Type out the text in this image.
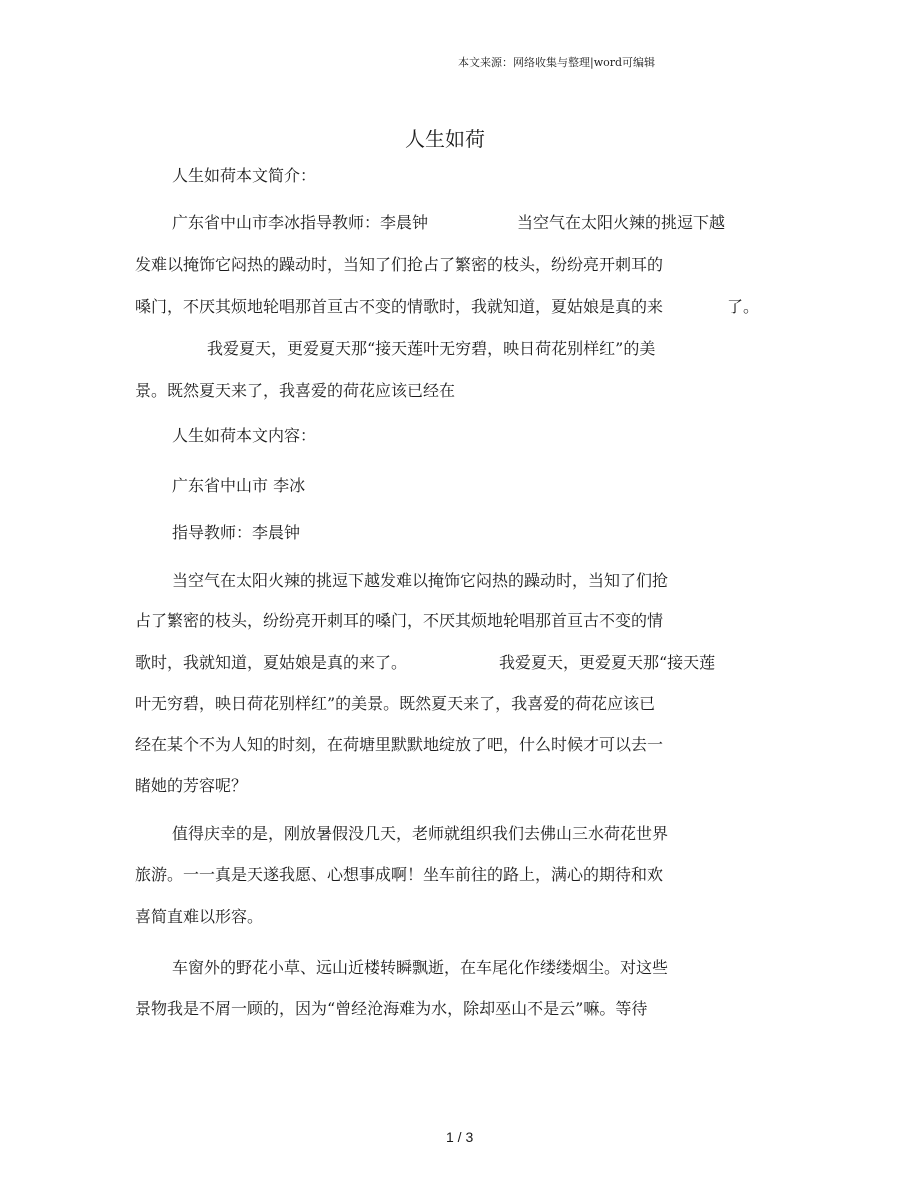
本文来源：网络收集与整理|word可编辑
人生如荷
人生如荷本文简介：
广东省中山市李冰指导教师：李晨钟	当空气在太阳火辣的挑逗下越
发难以掩饰它闷热的躁动时，当知了们抢占了繁密的枝头，纷纷亮开刺耳的
嗓门，不厌其烦地轮唱那首亘古不变的情歌时，我就知道，夏姑娘是真的来	了。
我爱夏天，更爱夏天那“接天莲叶无穷碧，映日荷花别样红”的美
景。既然夏天来了，我喜爱的荷花应该已经在
人生如荷本文内容：
广东省中山市 李冰
指导教师：李晨钟
当空气在太阳火辣的挑逗下越发难以掩饰它闷热的躁动时，当知了们抢
占了繁密的枝头，纷纷亮开刺耳的嗓门，不厌其烦地轮唱那首亘古不变的情
歌时，我就知道，夏姑娘是真的来了。	我爱夏天，更爱夏天那“接天莲
叶无穷碧，映日荷花别样红”的美景。既然夏天来了，我喜爱的荷花应该已
经在某个不为人知的时刻，在荷塘里默默地绽放了吧，什么时候才可以去一
睹她的芳容呢？
值得庆幸的是，刚放暑假没几天，老师就组织我们去佛山三水荷花世界
旅游。一一真是天遂我愿、心想事成啊！坐车前往的路上，满心的期待和欢
喜简直难以形容。
车窗外的野花小草、远山近楼转瞬飘逝，在车尾化作缕缕烟尘。对这些
景物我是不屑一顾的，因为“曾经沧海难为水，除却巫山不是云”嘛。等待
1 / 3
